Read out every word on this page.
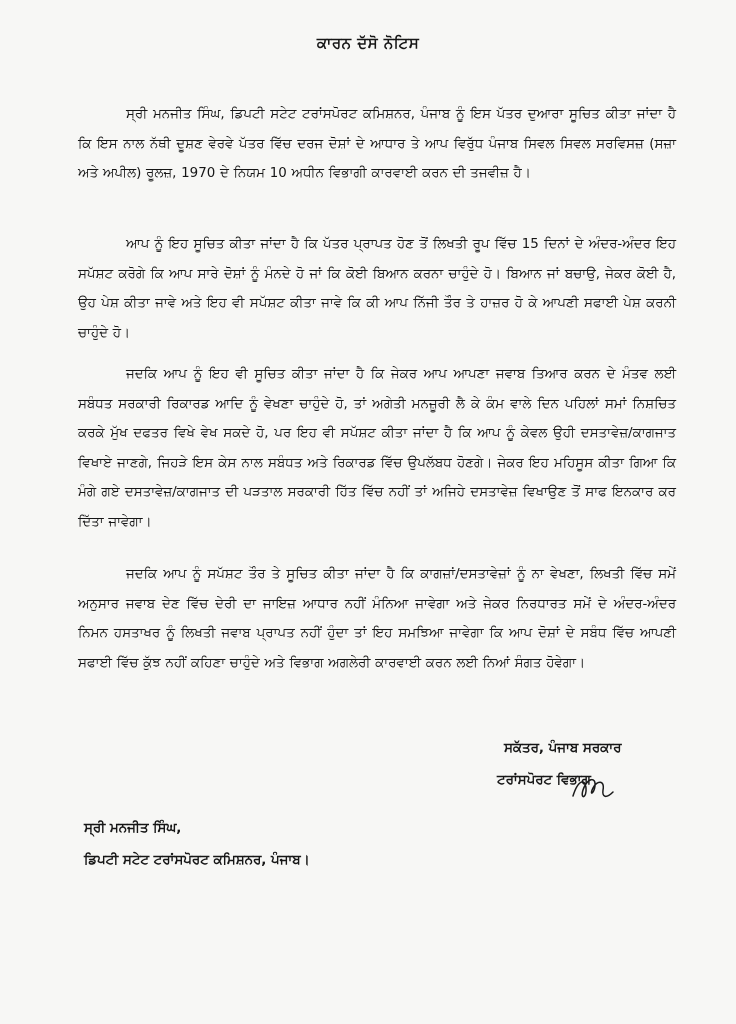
ਕਾਰਨ ਦੱਸੋ ਨੋਟਿਸ

ਸ੍ਰੀ ਮਨਜੀਤ ਸਿੰਘ, ਡਿਪਟੀ ਸਟੇਟ ਟਰਾਂਸਪੋਰਟ ਕਮਿਸ਼ਨਰ, ਪੰਜਾਬ ਨੂੰ ਇਸ ਪੱਤਰ ਦੁਆਰਾ ਸੂਚਿਤ ਕੀਤਾ ਜਾਂਦਾ ਹੈ ਕਿ ਇਸ ਨਾਲ ਨੱਥੀ ਦੂਸ਼ਣ ਵੇਰਵੇ ਪੱਤਰ ਵਿੱਚ ਦਰਜ ਦੋਸ਼ਾਂ ਦੇ ਆਧਾਰ ਤੇ ਆਪ ਵਿਰੁੱਧ ਪੰਜਾਬ ਸਿਵਲ ਸਿਵਲ ਸਰਵਿਸਜ਼ (ਸਜ਼ਾ ਅਤੇ ਅਪੀਲ) ਰੂਲਜ਼, 1970 ਦੇ ਨਿਯਮ 10 ਅਧੀਨ ਵਿਭਾਗੀ ਕਾਰਵਾਈ ਕਰਨ ਦੀ ਤਜਵੀਜ਼ ਹੈ।

ਆਪ ਨੂੰ ਇਹ ਸੂਚਿਤ ਕੀਤਾ ਜਾਂਦਾ ਹੈ ਕਿ ਪੱਤਰ ਪ੍ਰਾਪਤ ਹੋਣ ਤੋਂ ਲਿਖਤੀ ਰੂਪ ਵਿੱਚ 15 ਦਿਨਾਂ ਦੇ ਅੰਦਰ-ਅੰਦਰ ਇਹ ਸਪੱਸ਼ਟ ਕਰੋਗੇ ਕਿ ਆਪ ਸਾਰੇ ਦੋਸ਼ਾਂ ਨੂੰ ਮੰਨਦੇ ਹੋ ਜਾਂ ਕਿ ਕੋਈ ਬਿਆਨ ਕਰਨਾ ਚਾਹੁੰਦੇ ਹੋ। ਬਿਆਨ ਜਾਂ ਬਚਾਉ, ਜੇਕਰ ਕੋਈ ਹੈ, ਉਹ ਪੇਸ਼ ਕੀਤਾ ਜਾਵੇ ਅਤੇ ਇਹ ਵੀ ਸਪੱਸ਼ਟ ਕੀਤਾ ਜਾਵੇ ਕਿ ਕੀ ਆਪ ਨਿੱਜੀ ਤੌਰ ਤੇ ਹਾਜ਼ਰ ਹੋ ਕੇ ਆਪਣੀ ਸਫਾਈ ਪੇਸ਼ ਕਰਨੀ ਚਾਹੁੰਦੇ ਹੋ।

ਜਦਕਿ ਆਪ ਨੂੰ ਇਹ ਵੀ ਸੂਚਿਤ ਕੀਤਾ ਜਾਂਦਾ ਹੈ ਕਿ ਜੇਕਰ ਆਪ ਆਪਣਾ ਜਵਾਬ ਤਿਆਰ ਕਰਨ ਦੇ ਮੰਤਵ ਲਈ ਸਬੰਧਤ ਸਰਕਾਰੀ ਰਿਕਾਰਡ ਆਦਿ ਨੂੰ ਵੇਖਣਾ ਚਾਹੁੰਦੇ ਹੋ, ਤਾਂ ਅਗੇਤੀ ਮਨਜ਼ੂਰੀ ਲੈ ਕੇ ਕੰਮ ਵਾਲੇ ਦਿਨ ਪਹਿਲਾਂ ਸਮਾਂ ਨਿਸ਼ਚਿਤ ਕਰਕੇ ਮੁੱਖ ਦਫਤਰ ਵਿਖੇ ਵੇਖ ਸਕਦੇ ਹੋ, ਪਰ ਇਹ ਵੀ ਸਪੱਸ਼ਟ ਕੀਤਾ ਜਾਂਦਾ ਹੈ ਕਿ ਆਪ ਨੂੰ ਕੇਵਲ ਉਹੀ ਦਸਤਾਵੇਜ਼/ਕਾਗਜਾਤ ਵਿਖਾਏ ਜਾਣਗੇ, ਜਿਹੜੇ ਇਸ ਕੇਸ ਨਾਲ ਸਬੰਧਤ ਅਤੇ ਰਿਕਾਰਡ ਵਿੱਚ ਉਪਲੱਬਧ ਹੋਣਗੇ। ਜੇਕਰ ਇਹ ਮਹਿਸੂਸ ਕੀਤਾ ਗਿਆ ਕਿ ਮੰਗੇ ਗਏ ਦਸਤਾਵੇਜ਼/ਕਾਗਜਾਤ ਦੀ ਪੜਤਾਲ ਸਰਕਾਰੀ ਹਿੱਤ ਵਿੱਚ ਨਹੀਂ ਤਾਂ ਅਜਿਹੇ ਦਸਤਾਵੇਜ਼ ਵਿਖਾਉਣ ਤੋਂ ਸਾਫ ਇਨਕਾਰ ਕਰ ਦਿੱਤਾ ਜਾਵੇਗਾ।

ਜਦਕਿ ਆਪ ਨੂੰ ਸਪੱਸ਼ਟ ਤੌਰ ਤੇ ਸੂਚਿਤ ਕੀਤਾ ਜਾਂਦਾ ਹੈ ਕਿ ਕਾਗਜ਼ਾਂ/ਦਸਤਾਵੇਜ਼ਾਂ ਨੂੰ ਨਾ ਵੇਖਣਾ, ਲਿਖਤੀ ਵਿੱਚ ਸਮੇਂ ਅਨੁਸਾਰ ਜਵਾਬ ਦੇਣ ਵਿੱਚ ਦੇਰੀ ਦਾ ਜਾਇਜ਼ ਆਧਾਰ ਨਹੀਂ ਮੰਨਿਆ ਜਾਵੇਗਾ ਅਤੇ ਜੇਕਰ ਨਿਰਧਾਰਤ ਸਮੇਂ ਦੇ ਅੰਦਰ-ਅੰਦਰ ਨਿਮਨ ਹਸਤਾਖਰ ਨੂੰ ਲਿਖਤੀ ਜਵਾਬ ਪ੍ਰਾਪਤ ਨਹੀਂ ਹੁੰਦਾ ਤਾਂ ਇਹ ਸਮਝਿਆ ਜਾਵੇਗਾ ਕਿ ਆਪ ਦੋਸ਼ਾਂ ਦੇ ਸਬੰਧ ਵਿੱਚ ਆਪਣੀ ਸਫਾਈ ਵਿੱਚ ਕੁੱਝ ਨਹੀਂ ਕਹਿਣਾ ਚਾਹੁੰਦੇ ਅਤੇ ਵਿਭਾਗ ਅਗਲੇਰੀ ਕਾਰਵਾਈ ਕਰਨ ਲਈ ਨਿਆਂ ਸੰਗਤ ਹੋਵੇਗਾ।

ਸਕੱਤਰ, ਪੰਜਾਬ ਸਰਕਾਰ
ਟਰਾਂਸਪੋਰਟ ਵਿਭਾਗ
ਸ੍ਰੀ ਮਨਜੀਤ ਸਿੰਘ,
ਡਿਪਟੀ ਸਟੇਟ ਟਰਾਂਸਪੋਰਟ ਕਮਿਸ਼ਨਰ, ਪੰਜਾਬ।
